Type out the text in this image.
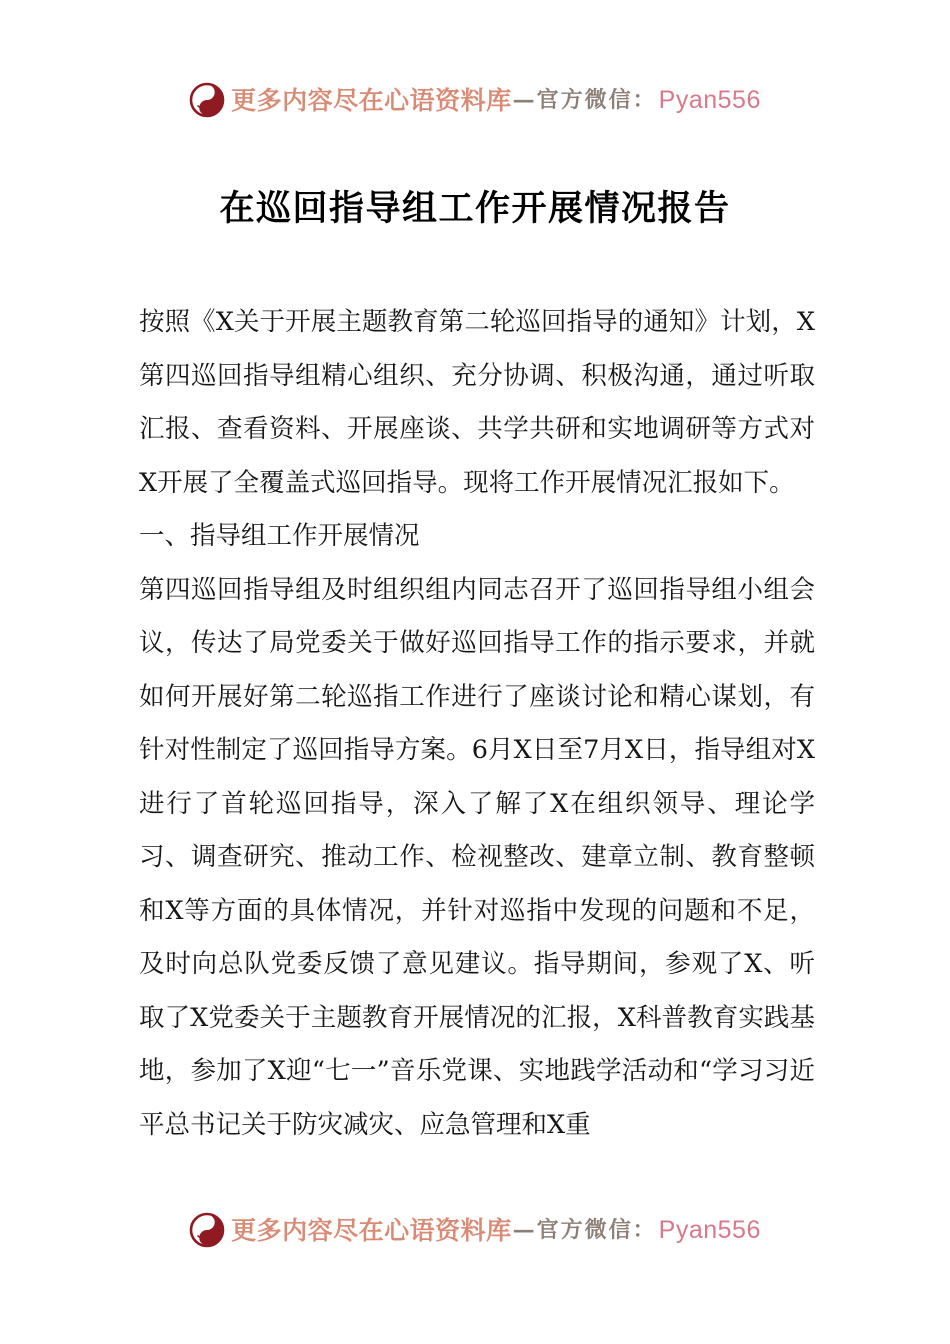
更多内容尽在心语资料库 —官方微信： Pyan556
在巡回指导组工作开展情况报告

按照《X关于开展主题教育第二轮巡回指导的通知》计划，X第四巡回指导组精心组织、充分协调、积极沟通，通过听取汇报、查看资料、开展座谈、共学共研和实地调研等方式对X开展了全覆盖式巡回指导。现将工作开展情况汇报如下。

一、指导组工作开展情况

第四巡回指导组及时组织组内同志召开了巡回指导组小组会议，传达了局党委关于做好巡回指导工作的指示要求，并就如何开展好第二轮巡指工作进行了座谈讨论和精心谋划，有针对性制定了巡回指导方案。6月X日至7月X日，指导组对X进行了首轮巡回指导，深入了解了X在组织领导、理论学习、调查研究、推动工作、检视整改、建章立制、教育整顿和X等方面的具体情况，并针对巡指中发现的问题和不足，及时向总队党委反馈了意见建议。指导期间，参观了X、听取了X党委关于主题教育开展情况的汇报，X科普教育实践基地，参加了X迎“七一”音乐党课、实地践学活动和“学习习近平总书记关于防灾减灾、应急管理和X重

更多内容尽在心语资料库 —官方微信： Pyan556
